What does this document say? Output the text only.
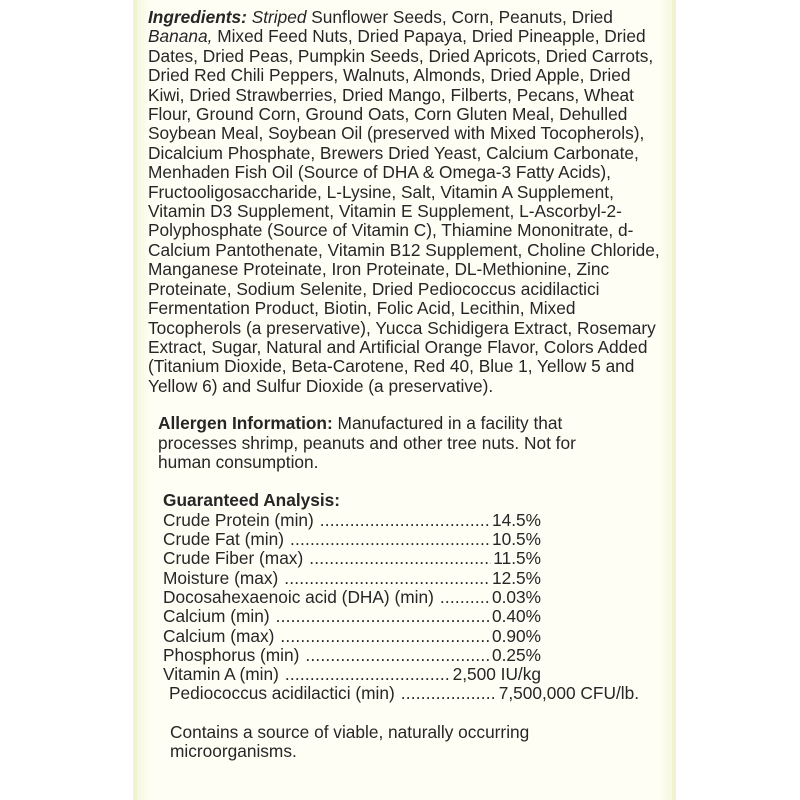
Ingredients: Striped Sunflower Seeds, Corn, Peanuts, Dried Banana, Mixed Feed Nuts, Dried Papaya, Dried Pineapple, Dried Dates, Dried Peas, Pumpkin Seeds, Dried Apricots, Dried Carrots, Dried Red Chili Peppers, Walnuts, Almonds, Dried Apple, Dried Kiwi, Dried Strawberries, Dried Mango, Filberts, Pecans, Wheat Flour, Ground Corn, Ground Oats, Corn Gluten Meal, Dehulled Soybean Meal, Soybean Oil (preserved with Mixed Tocopherols), Dicalcium Phosphate, Brewers Dried Yeast, Calcium Carbonate, Menhaden Fish Oil (Source of DHA & Omega-3 Fatty Acids), Fructooligosaccharide, L-Lysine, Salt, Vitamin A Supplement, Vitamin D3 Supplement, Vitamin E Supplement, L-Ascorbyl-2-Polyphosphate (Source of Vitamin C), Thiamine Mononitrate, d-Calcium Pantothenate, Vitamin B12 Supplement, Choline Chloride, Manganese Proteinate, Iron Proteinate, DL-Methionine, Zinc Proteinate, Sodium Selenite, Dried Pediococcus acidilactici Fermentation Product, Biotin, Folic Acid, Lecithin, Mixed Tocopherols (a preservative), Yucca Schidigera Extract, Rosemary Extract, Sugar, Natural and Artificial Orange Flavor, Colors Added (Titanium Dioxide, Beta-Carotene, Red 40, Blue 1, Yellow 5 and Yellow 6) and Sulfur Dioxide (a preservative).

Allergen Information: Manufactured in a facility that processes shrimp, peanuts and other tree nuts. Not for human consumption.

Guaranteed Analysis:
Crude Protein (min) .....	14.5%
Crude Fat (min) .....	10.5%
Crude Fiber (max) .....	11.5%
Moisture (max) .....	12.5%
Docosahexaenoic acid (DHA) (min) .....	0.03%
Calcium (min) .....	0.40%
Calcium (max) .....	0.90%
Phosphorus (min) .....	0.25%
Vitamin A (min) .....	2,500 IU/kg
Pediococcus acidilactici (min) .....	7,500,000 CFU/lb.

Contains a source of viable, naturally occurring microorganisms.
